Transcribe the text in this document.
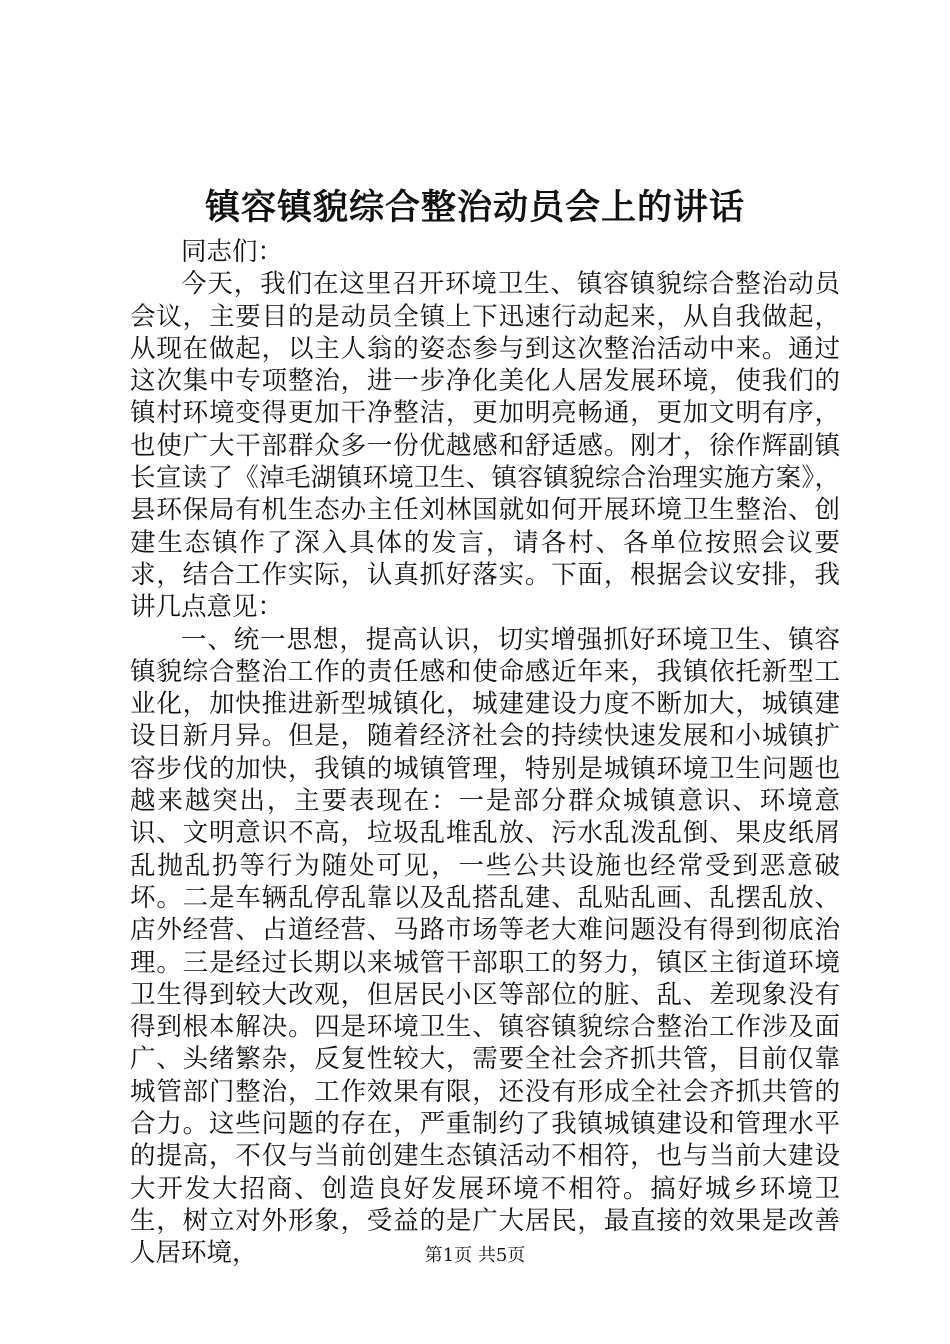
镇容镇貌综合整治动员会上的讲话

同志们：

今天，我们在这里召开环境卫生、镇容镇貌综合整治动员会议，主要目的是动员全镇上下迅速行动起来，从自我做起，从现在做起，以主人翁的姿态参与到这次整治活动中来。通过这次集中专项整治，进一步净化美化人居发展环境，使我们的镇村环境变得更加干净整洁，更加明亮畅通，更加文明有序，也使广大干部群众多一份优越感和舒适感。刚才，徐作辉副镇长宣读了《淖毛湖镇环境卫生、镇容镇貌综合治理实施方案》，县环保局有机生态办主任刘林国就如何开展环境卫生整治、创建生态镇作了深入具体的发言，请各村、各单位按照会议要求，结合工作实际，认真抓好落实。下面，根据会议安排，我讲几点意见：

一、统一思想，提高认识，切实增强抓好环境卫生、镇容镇貌综合整治工作的责任感和使命感近年来，我镇依托新型工业化，加快推进新型城镇化，城建建设力度不断加大，城镇建设日新月异。但是，随着经济社会的持续快速发展和小城镇扩容步伐的加快，我镇的城镇管理，特别是城镇环境卫生问题也越来越突出，主要表现在：一是部分群众城镇意识、环境意识、文明意识不高，垃圾乱堆乱放、污水乱泼乱倒、果皮纸屑乱抛乱扔等行为随处可见，一些公共设施也经常受到恶意破坏。二是车辆乱停乱靠以及乱搭乱建、乱贴乱画、乱摆乱放、店外经营、占道经营、马路市场等老大难问题没有得到彻底治理。三是经过长期以来城管干部职工的努力，镇区主街道环境卫生得到较大改观，但居民小区等部位的脏、乱、差现象没有得到根本解决。四是环境卫生、镇容镇貌综合整治工作涉及面广、头绪繁杂，反复性较大，需要全社会齐抓共管，目前仅靠城管部门整治，工作效果有限，还没有形成全社会齐抓共管的合力。这些问题的存在，严重制约了我镇城镇建设和管理水平的提高，不仅与当前创建生态镇活动不相符，也与当前大建设大开发大招商、创造良好发展环境不相符。搞好城乡环境卫生，树立对外形象，受益的是广大居民，最直接的效果是改善人居环境，	第1页 共5页
